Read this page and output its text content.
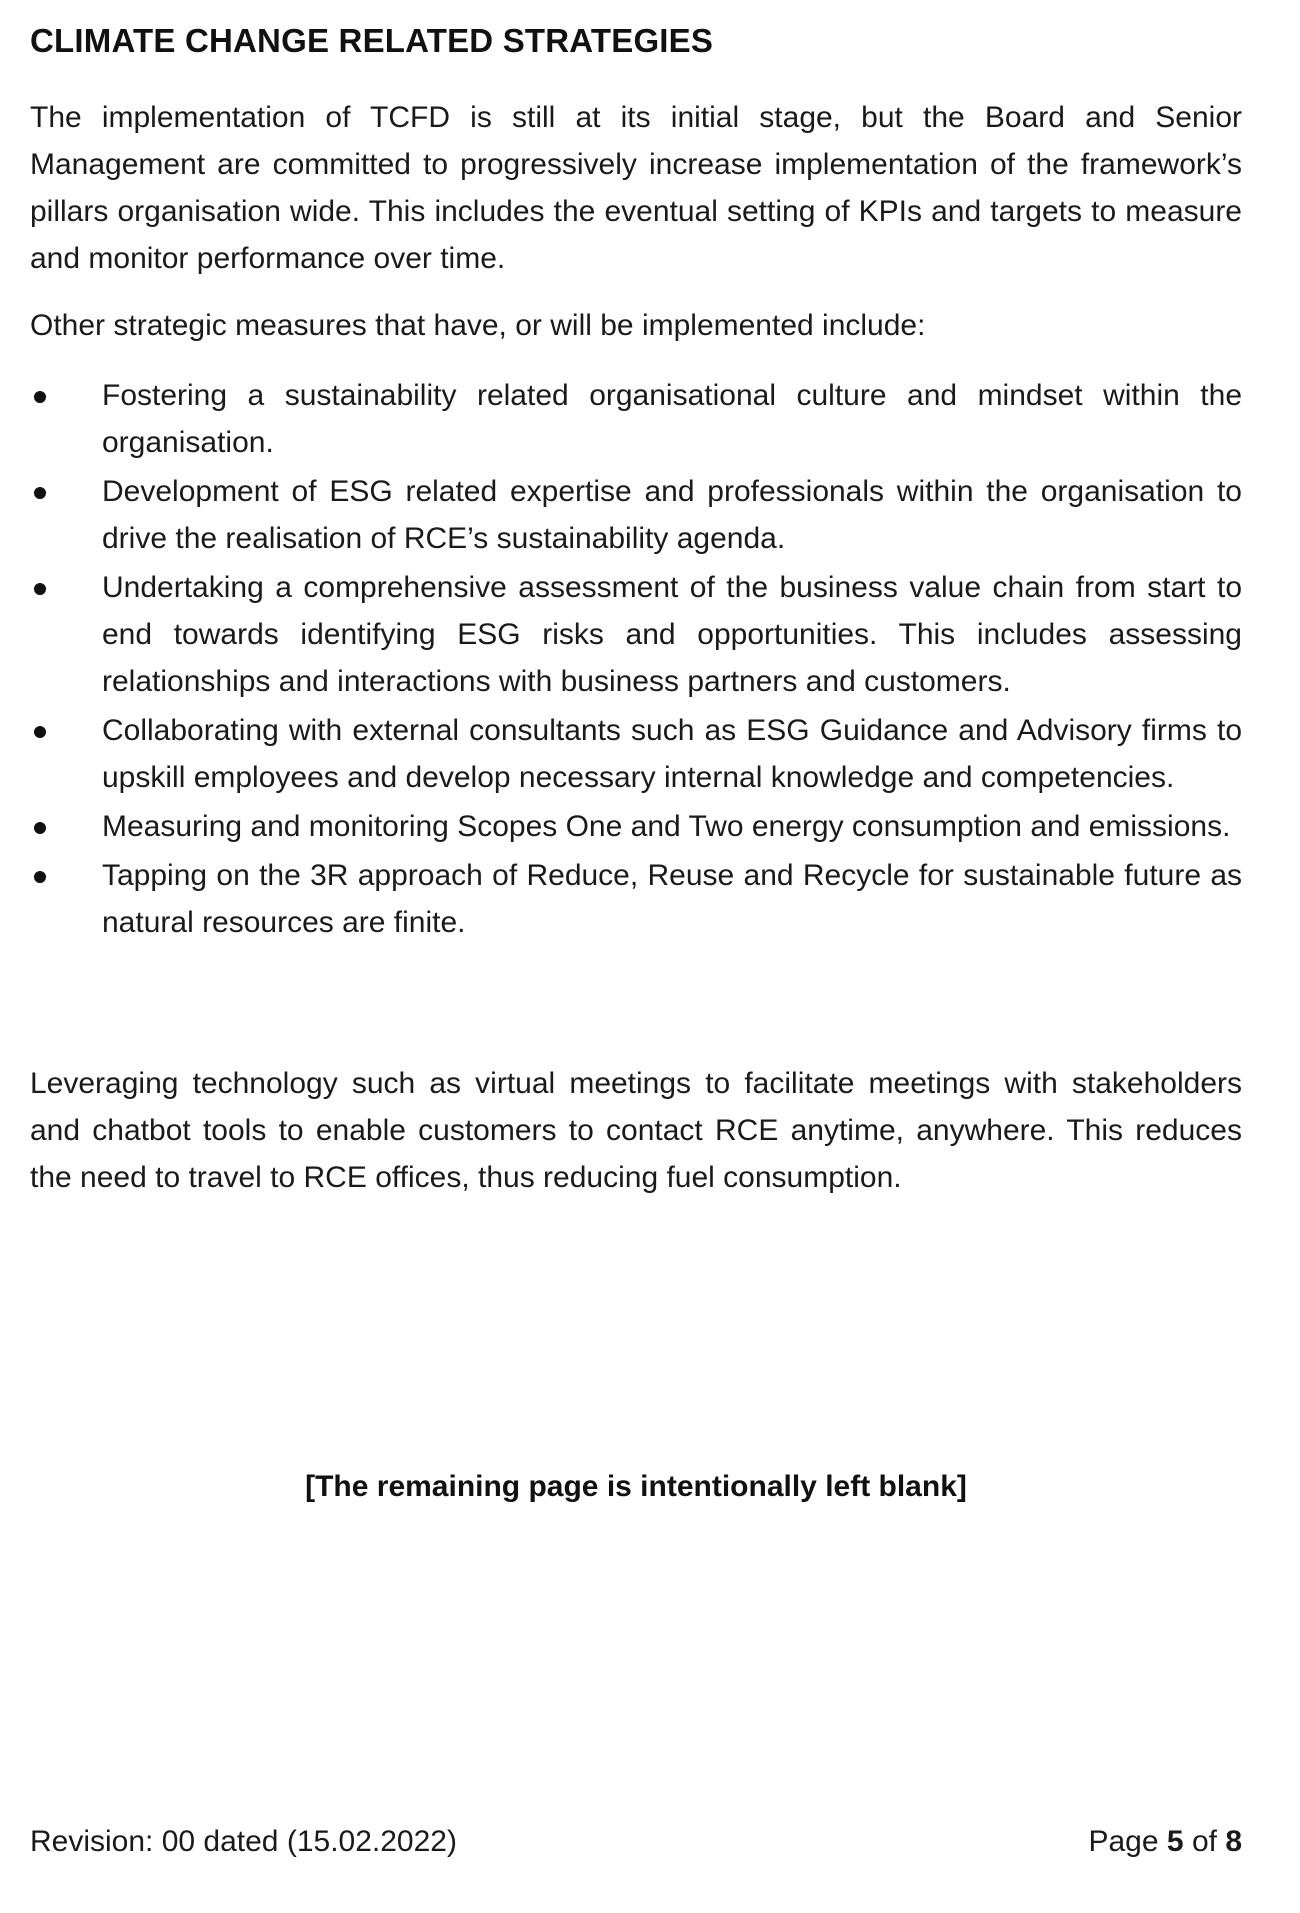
CLIMATE CHANGE RELATED STRATEGIES

The implementation of TCFD is still at its initial stage, but the Board and Senior Management are committed to progressively increase implementation of the framework’s pillars organisation wide. This includes the eventual setting of KPIs and targets to measure and monitor performance over time.

Other strategic measures that have, or will be implemented include:

Fostering a sustainability related organisational culture and mindset within the organisation.
Development of ESG related expertise and professionals within the organisation to drive the realisation of RCE’s sustainability agenda.
Undertaking a comprehensive assessment of the business value chain from start to end towards identifying ESG risks and opportunities. This includes assessing relationships and interactions with business partners and customers.
Collaborating with external consultants such as ESG Guidance and Advisory firms to upskill employees and develop necessary internal knowledge and competencies.
Measuring and monitoring Scopes One and Two energy consumption and emissions.
Tapping on the 3R approach of Reduce, Reuse and Recycle for sustainable future as natural resources are finite.

Leveraging technology such as virtual meetings to facilitate meetings with stakeholders and chatbot tools to enable customers to contact RCE anytime, anywhere. This reduces the need to travel to RCE offices, thus reducing fuel consumption.

[The remaining page is intentionally left blank]
Revision: 00 dated (15.02.2022)	Page 5 of 8
